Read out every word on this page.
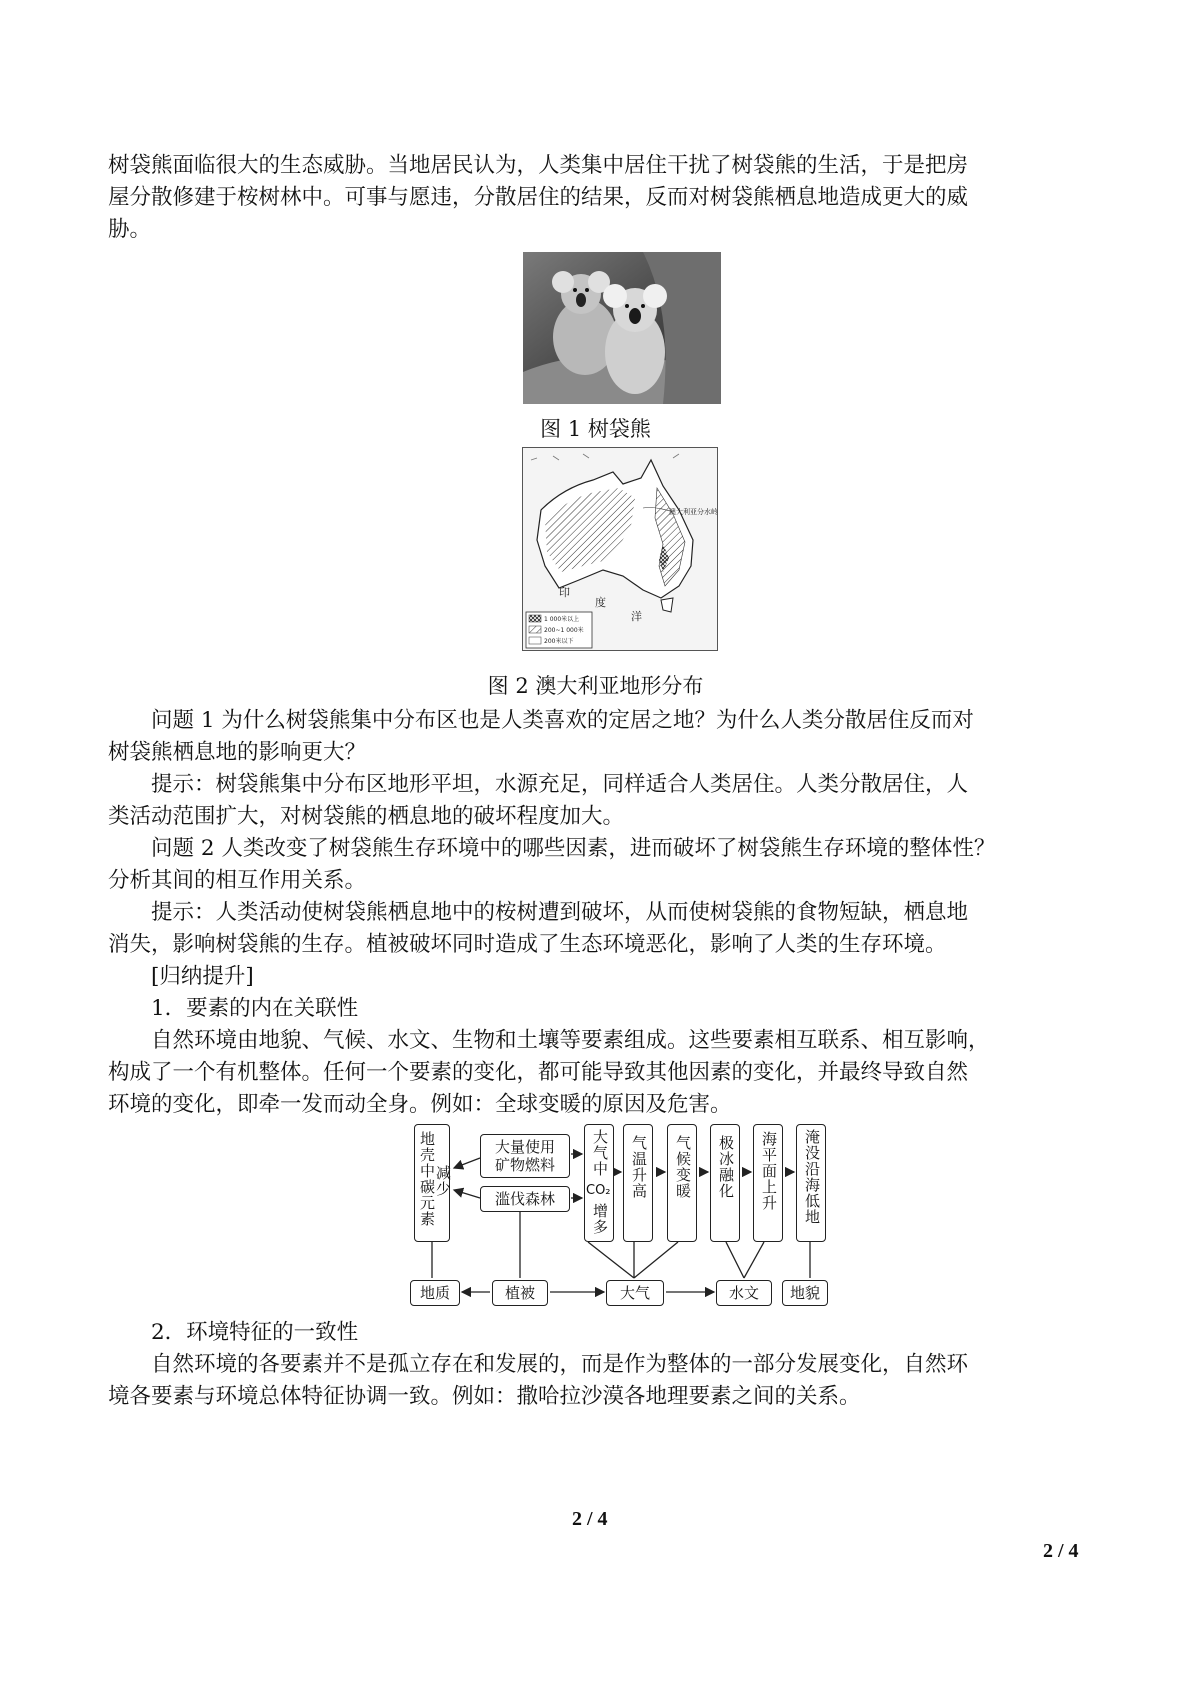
树袋熊面临很大的生态威胁。当地居民认为，人类集中居住干扰了树袋熊的生活，于是把房
屋分散修建于桉树林中。可事与愿违，分散居住的结果，反而对树袋熊栖息地造成更大的威
胁。
图 1 树袋熊
澳大利亚分水岭
印
度
洋
1 000米以上
200~1 000米
200米以下
图 2 澳大利亚地形分布
问题 1 为什么树袋熊集中分布区也是人类喜欢的定居之地？为什么人类分散居住反而对
树袋熊栖息地的影响更大？
提示：树袋熊集中分布区地形平坦，水源充足，同样适合人类居住。人类分散居住，人
类活动范围扩大，对树袋熊的栖息地的破坏程度加大。
问题 2 人类改变了树袋熊生存环境中的哪些因素，进而破坏了树袋熊生存环境的整体性？
分析其间的相互作用关系。
提示：人类活动使树袋熊栖息地中的桉树遭到破坏，从而使树袋熊的食物短缺，栖息地
消失，影响树袋熊的生存。植被破坏同时造成了生态环境恶化，影响了人类的生存环境。
[归纳提升]
1．要素的内在关联性
自然环境由地貌、气候、水文、生物和土壤等要素组成。这些要素相互联系、相互影响，
构成了一个有机整体。任何一个要素的变化，都可能导致其他因素的变化，并最终导致自然
环境的变化，即牵一发而动全身。例如：全球变暖的原因及危害。
地壳中碳元素
减少
大量使用矿物燃料
滥伐森林
大气中
CO₂
增多
气温升高 气候变暖 极冰融化 海平面上升 淹没沿海低地
地质	植被	大气	水文 地貌
2．环境特征的一致性
自然环境的各要素并不是孤立存在和发展的，而是作为整体的一部分发展变化，自然环
境各要素与环境总体特征协调一致。例如：撒哈拉沙漠各地理要素之间的关系。
2 / 4
2 / 4
